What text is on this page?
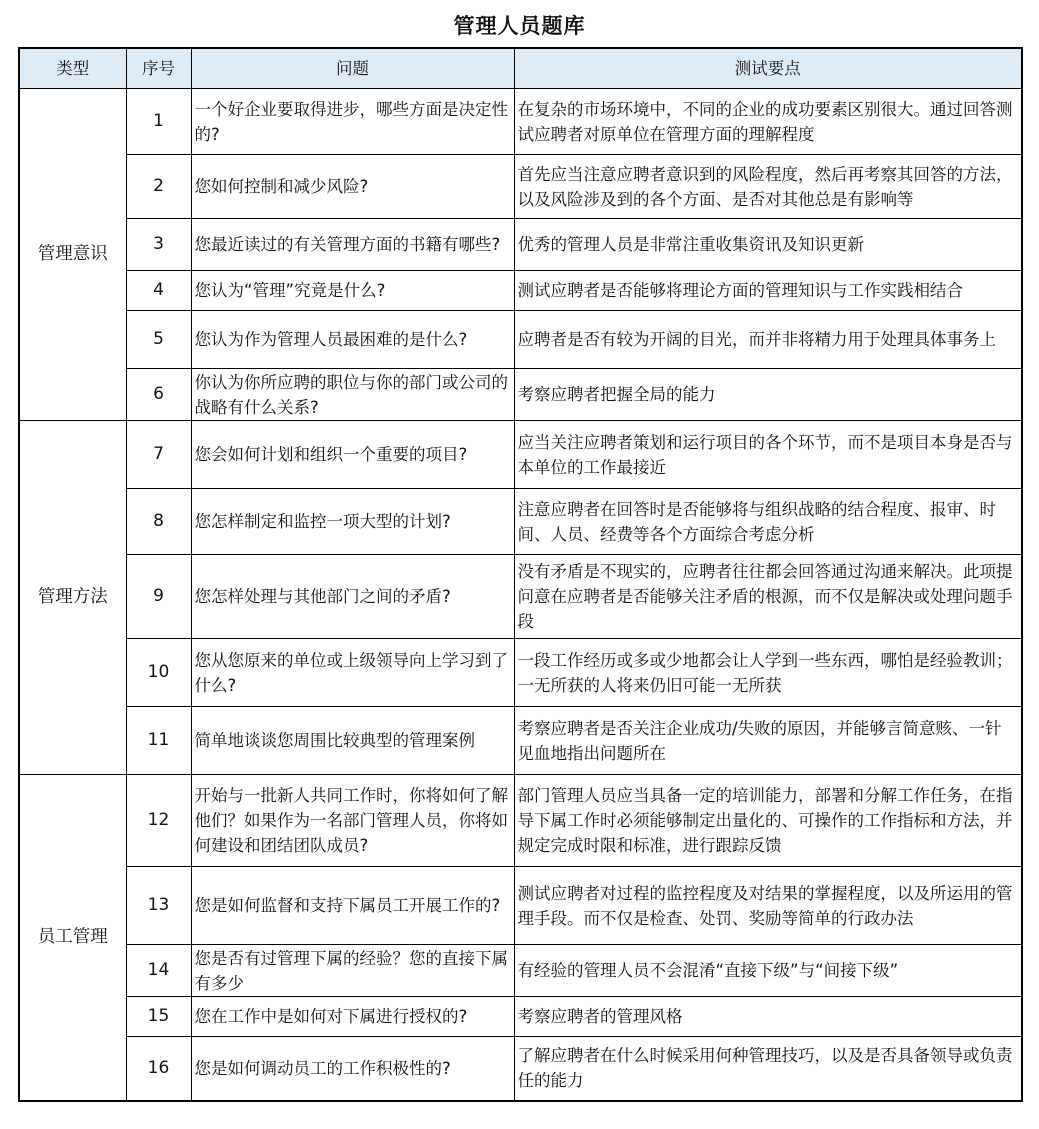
管理人员题库
类型	序号	问题	测试要点
管理意识	1	一个好企业要取得进步，哪些方面是决定性的?	在复杂的市场环境中，不同的企业的成功要素区别很大。通过回答测试应聘者对原单位在管理方面的理解程度
	2	您如何控制和减少风险?	首先应当注意应聘者意识到的风险程度，然后再考察其回答的方法，以及风险涉及到的各个方面、是否对其他总是有影响等
	3	您最近读过的有关管理方面的书籍有哪些?	优秀的管理人员是非常注重收集资讯及知识更新
	4	您认为“管理”究竟是什么?	测试应聘者是否能够将理论方面的管理知识与工作实践相结合
	5	您认为作为管理人员最困难的是什么?	应聘者是否有较为开阔的目光，而并非将精力用于处理具体事务上
	6	你认为你所应聘的职位与你的部门或公司的战略有什么关系?	考察应聘者把握全局的能力
管理方法	7	您会如何计划和组织一个重要的项目?	应当关注应聘者策划和运行项目的各个环节，而不是项目本身是否与本单位的工作最接近
	8	您怎样制定和监控一项大型的计划?	注意应聘者在回答时是否能够将与组织战略的结合程度、报审、时间、人员、经费等各个方面综合考虑分析
	9	您怎样处理与其他部门之间的矛盾?	没有矛盾是不现实的，应聘者往往都会回答通过沟通来解决。此项提问意在应聘者是否能够关注矛盾的根源，而不仅是解决或处理问题手段
	10	您从您原来的单位或上级领导向上学习到了什么?	一段工作经历或多或少地都会让人学到一些东西，哪怕是经验教训；一无所获的人将来仍旧可能一无所获
	11	简单地谈谈您周围比较典型的管理案例	考察应聘者是否关注企业成功/失败的原因，并能够言简意赅、一针见血地指出问题所在
员工管理	12	开始与一批新人共同工作时，你将如何了解他们？如果作为一名部门管理人员，你将如何建设和团结团队成员?	部门管理人员应当具备一定的培训能力，部署和分解工作任务，在指导下属工作时必须能够制定出量化的、可操作的工作指标和方法，并规定完成时限和标准，进行跟踪反馈
	13	您是如何监督和支持下属员工开展工作的?	测试应聘者对过程的监控程度及对结果的掌握程度，以及所运用的管理手段。而不仅是检查、处罚、奖励等简单的行政办法
	14	您是否有过管理下属的经验？您的直接下属有多少	有经验的管理人员不会混淆“直接下级”与“间接下级”
	15	您在工作中是如何对下属进行授权的?	考察应聘者的管理风格
	16	您是如何调动员工的工作积极性的?	了解应聘者在什么时候采用何种管理技巧，以及是否具备领导或负责任的能力
